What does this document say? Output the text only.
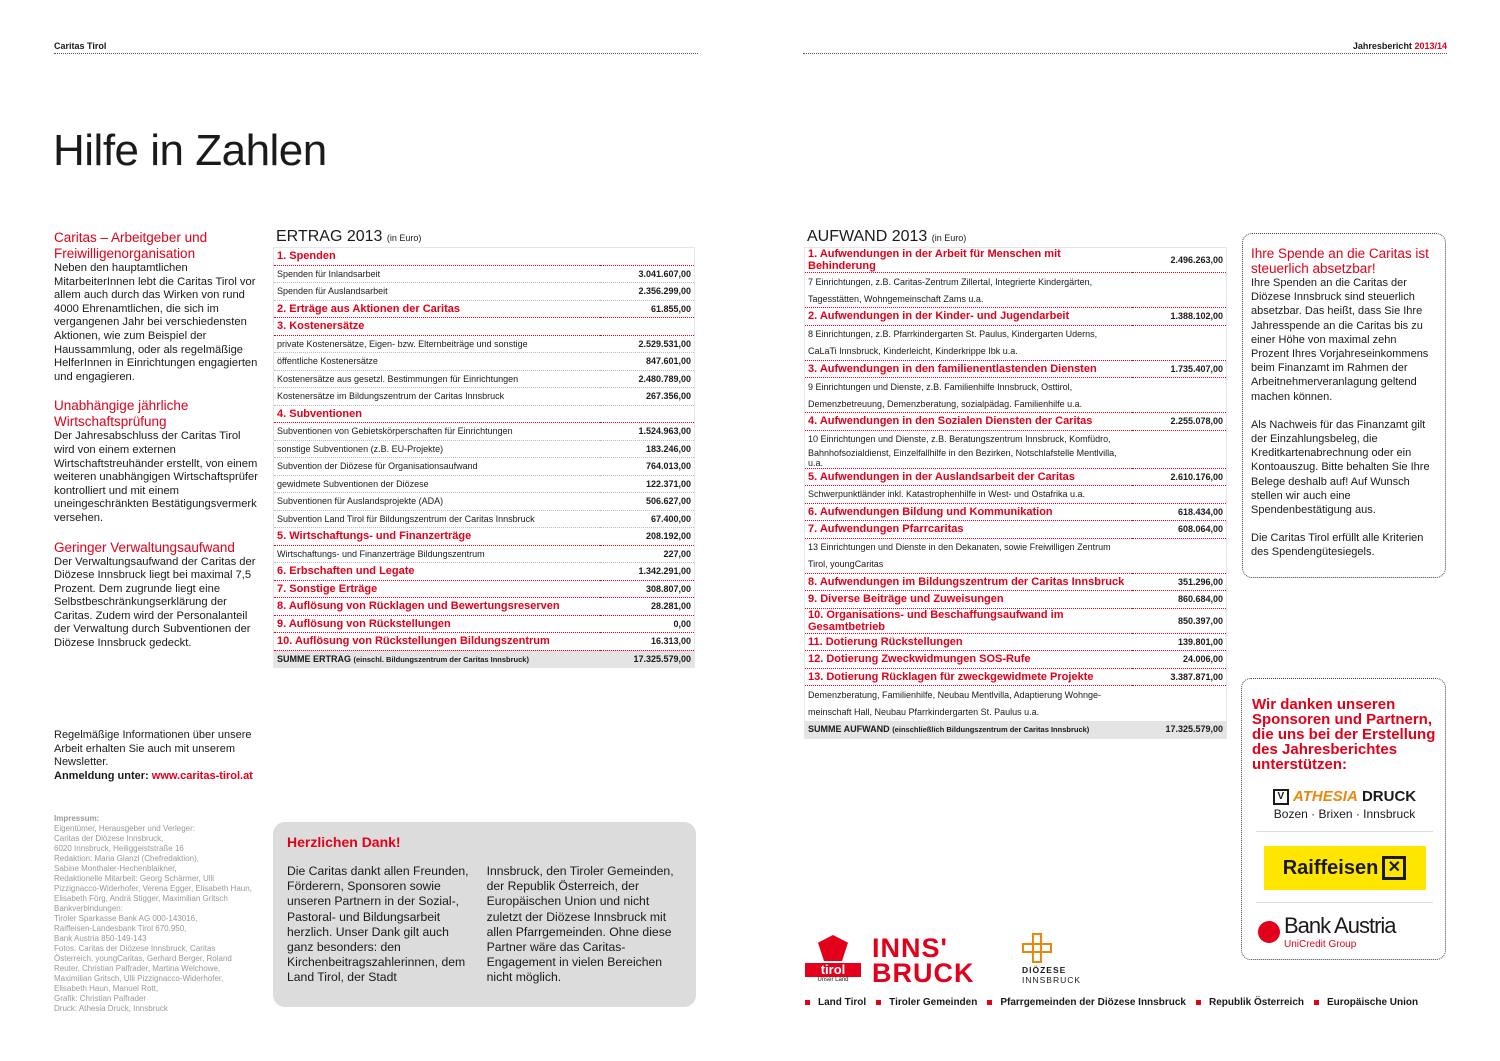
Caritas Tirol	Jahresbericht 2013/14
Hilfe in Zahlen
Caritas – Arbeitgeber und Freiwilligenorganisation

Neben den hauptamtlichen MitarbeiterInnen lebt die Caritas Tirol vor allem auch durch das Wirken von rund 4000 Ehrenamtlichen, die sich im vergangenen Jahr bei verschiedensten Aktionen, wie zum Beispiel der Haussammlung, oder als regelmäßige HelferInnen in Einrichtungen engagierten und engagieren.

Unabhängige jährliche Wirtschaftsprüfung

Der Jahresabschluss der Caritas Tirol wird von einem externen Wirtschaftstreuhänder erstellt, von einem weiteren unabhängigen Wirtschaftsprüfer kontrolliert und mit einem uneingeschränkten Bestätigungsvermerk versehen.

Geringer Verwaltungsaufwand

Der Verwaltungsaufwand der Caritas der Diözese Innsbruck liegt bei maximal 7,5 Prozent. Dem zugrunde liegt eine Selbstbeschränkungserklärung der Caritas. Zudem wird der Personalanteil der Verwaltung durch Subventionen der Diözese Innsbruck gedeckt.

Regelmäßige Informationen über unsere Arbeit erhalten Sie auch mit unserem Newsletter.

Anmeldung unter: www.caritas-tirol.at

Impressum:
Eigentümer, Herausgeber und Verleger:
Caritas der Diözese Innsbruck,
6020 Innsbruck, Heiliggeiststraße 16
Redaktion: Maria Glanzl (Chefredaktion),
Sabine Monthaler-Hechenblaikner,
Redaktionelle Mitarbeit: Georg Schärmer, Ulli
Pizzignacco-Widerhofer, Verena Egger, Elisabeth Haun,
Elisabeth Förg, Andrä Stigger, Maximilian Gritsch
Bankverbindungen:
Tiroler Sparkasse Bank AG 000-143016,
Raiffeisen-Landesbank Tirol 670.950,
Bank Austria 850-149-143
Fotos: Caritas der Diözese Innsbruck, Caritas
Österreich, youngCaritas, Gerhard Berger, Roland
Reuter, Christian Palfrader, Martina Welchowe,
Maximilian Gritsch, Ulli Pizzignacco-Widerhofer,
Elisabeth Haun, Manuel Rott,
Grafik: Christian Palfrader
Druck: Athesia Druck, Innsbruck
ERTRAG 2013 (in Euro)
1. Spenden	
Spenden für Inlandsarbeit	3.041.607,00
Spenden für Auslandsarbeit	2.356.299,00
2. Erträge aus Aktionen der Caritas	61.855,00
3. Kostenersätze	
private Kostenersätze, Eigen- bzw. Elternbeiträge und sonstige	2.529.531,00
öffentliche Kostenersätze	847.601,00
Kostenersätze aus gesetzl. Bestimmungen für Einrichtungen	2.480.789,00
Kostenersätze im Bildungszentrum der Caritas Innsbruck	267.356,00
4. Subventionen	
Subventionen von Gebietskörperschaften für Einrichtungen	1.524.963,00
sonstige Subventionen (z.B. EU-Projekte)	183.246,00
Subvention der Diözese für Organisationsaufwand	764.013,00
gewidmete Subventionen der Diözese	122.371,00
Subventionen für Auslandsprojekte (ADA)	506.627,00
Subvention Land Tirol für Bildungszentrum der Caritas Innsbruck	67.400,00
5. Wirtschaftungs- und Finanzerträge	208.192,00
Wirtschaftungs- und Finanzerträge Bildungszentrum	227,00
6. Erbschaften und Legate	1.342.291,00
7. Sonstige Erträge	308.807,00
8. Auflösung von Rücklagen und Bewertungsreserven	28.281,00
9. Auflösung von Rückstellungen	0,00
10. Auflösung von Rückstellungen Bildungszentrum	16.313,00
SUMME ERTRAG (einschl. Bildungszentrum der Caritas Innsbruck)	17.325.579,00
AUFWAND 2013 (in Euro)
1. Aufwendungen in der Arbeit für Menschen mit Behinderung	2.496.263,00
7 Einrichtungen, z.B. Caritas-Zentrum Zillertal, Integrierte Kindergärten,	
Tagesstätten, Wohngemeinschaft Zams u.a.	
2. Aufwendungen in der Kinder- und Jugendarbeit	1.388.102,00
8 Einrichtungen, z.B. Pfarrkindergarten St. Paulus, Kindergarten Uderns,	
CaLaTi Innsbruck, Kinderleicht, Kinderkrippe Ibk u.a.	
3. Aufwendungen in den familienentlastenden Diensten	1.735.407,00
9 Einrichtungen und Dienste, z.B. Familienhilfe Innsbruck, Osttirol,	
Demenzbetreuung, Demenzberatung, sozialpädag. Familienhilfe u.a.	
4. Aufwendungen in den Sozialen Diensten der Caritas	2.255.078,00
10 Einrichtungen und Dienste, z.B. Beratungszentrum Innsbruck, Komfüdro,	
Bahnhofsozialdienst, Einzelfallhilfe in den Bezirken, Notschlafstelle Mentlvilla, u.a.	
5. Aufwendungen in der Auslandsarbeit der Caritas	2.610.176,00
Schwerpunktländer inkl. Katastrophenhilfe in West- und Ostafrika u.a.	
6. Aufwendungen Bildung und Kommunikation	618.434,00
7. Aufwendungen Pfarrcaritas	608.064,00
13 Einrichtungen und Dienste in den Dekanaten, sowie Freiwilligen Zentrum	
Tirol, youngCaritas	
8. Aufwendungen im Bildungszentrum der Caritas Innsbruck	351.296,00
9. Diverse Beiträge und Zuweisungen	860.684,00
10. Organisations- und Beschaffungsaufwand im Gesamtbetrieb	850.397,00
11. Dotierung Rückstellungen	139.801,00
12. Dotierung Zweckwidmungen SOS-Rufe	24.006,00
13. Dotierung Rücklagen für zweckgewidmete Projekte	3.387.871,00
Demenzberatung, Familienhilfe, Neubau Mentlvilla, Adaptierung Wohnge-	
meinschaft Hall, Neubau Pfarrkindergarten St. Paulus u.a.	
SUMME AUFWAND (einschließlich Bildungszentrum der Caritas Innsbruck)	17.325.579,00
Ihre Spende an die Caritas ist steuerlich absetzbar!

Ihre Spenden an die Caritas der Diözese Innsbruck sind steuerlich absetzbar. Das heißt, dass Sie Ihre Jahresspende an die Caritas bis zu einer Höhe von maximal zehn Prozent Ihres Vorjahreseinkommens beim Finanzamt im Rahmen der Arbeitnehmerveranlagung geltend machen können.

Als Nachweis für das Finanzamt gilt der Einzahlungsbeleg, die Kreditkartenabrechnung oder ein Kontoauszug. Bitte behalten Sie Ihre Belege deshalb auf! Auf Wunsch stellen wir auch eine Spendenbestätigung aus.

Die Caritas Tirol erfüllt alle Kriterien des Spendengütesiegels.

Wir danken unseren Sponsoren und Partnern, die uns bei der Erstellung des Jahresberichtes unterstützen:
V ATHESIA DRUCK
Bozen · Brixen · Innsbruck
Raiffeisen ✕
Bank Austria
UniCredit Group
Herzlichen Dank!

Die Caritas dankt allen Freunden, Förderern, Sponsoren sowie unseren Partnern in der Sozial-, Pastoral- und Bildungsarbeit herzlich. Unser Dank gilt auch ganz besonders: den Kirchenbeitragszahlerinnen, dem Land Tirol, der Stadt

Innsbruck, den Tiroler Gemeinden, der Republik Österreich, der Europäischen Union und nicht zuletzt der Diözese Innsbruck mit allen Pfarrgemeinden. Ohne diese Partner wäre das Caritas-Engagement in vielen Bereichen nicht möglich.

tirol
Unser Land
INNS'
BRUCK	DIÖZESE
INNSBRUCK
Land Tirol	Tiroler Gemeinden	Pfarrgemeinden der Diözese Innsbruck	Republik Österreich	Europäische Union
